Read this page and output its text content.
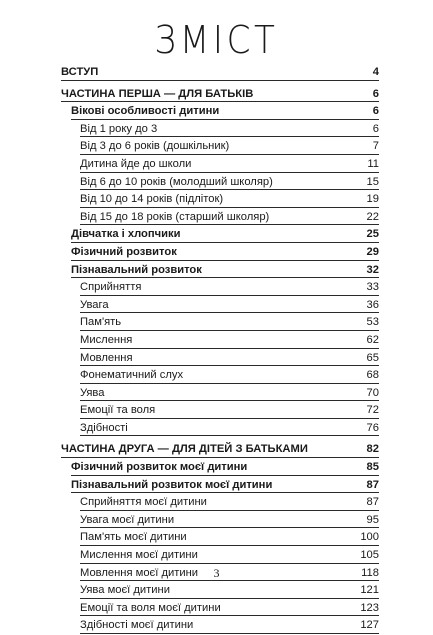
ЗМІСТ
ВСТУП	4
ЧАСТИНА ПЕРША — ДЛЯ БАТЬКІВ	6
Вікові особливості дитини	6
Від 1 року до 3	6
Від 3 до 6 років (дошкільник)	7
Дитина йде до школи	11
Від 6 до 10 років (молодший школяр)	15
Від 10 до 14 років (підліток)	19
Від 15 до 18 років (старший школяр)	22
Дівчатка і хлопчики	25
Фізичний розвиток	29
Пізнавальний розвиток	32
Сприйняття	33
Увага	36
Пам'ять	53
Мислення	62
Мовлення	65
Фонематичний слух	68
Уява	70
Емоції та воля	72
Здібності	76
ЧАСТИНА ДРУГА — ДЛЯ ДІТЕЙ З БАТЬКАМИ	82
Фізичний розвиток моєї дитини	85
Пізнавальний розвиток моєї дитини	87
Сприйняття моєї дитини	87
Увага моєї дитини	95
Пам'ять моєї дитини	100
Мислення моєї дитини	105
Мовлення моєї дитини	118
Уява моєї дитини	121
Емоції та воля моєї дитини	123
Здібності моєї дитини	127
3
